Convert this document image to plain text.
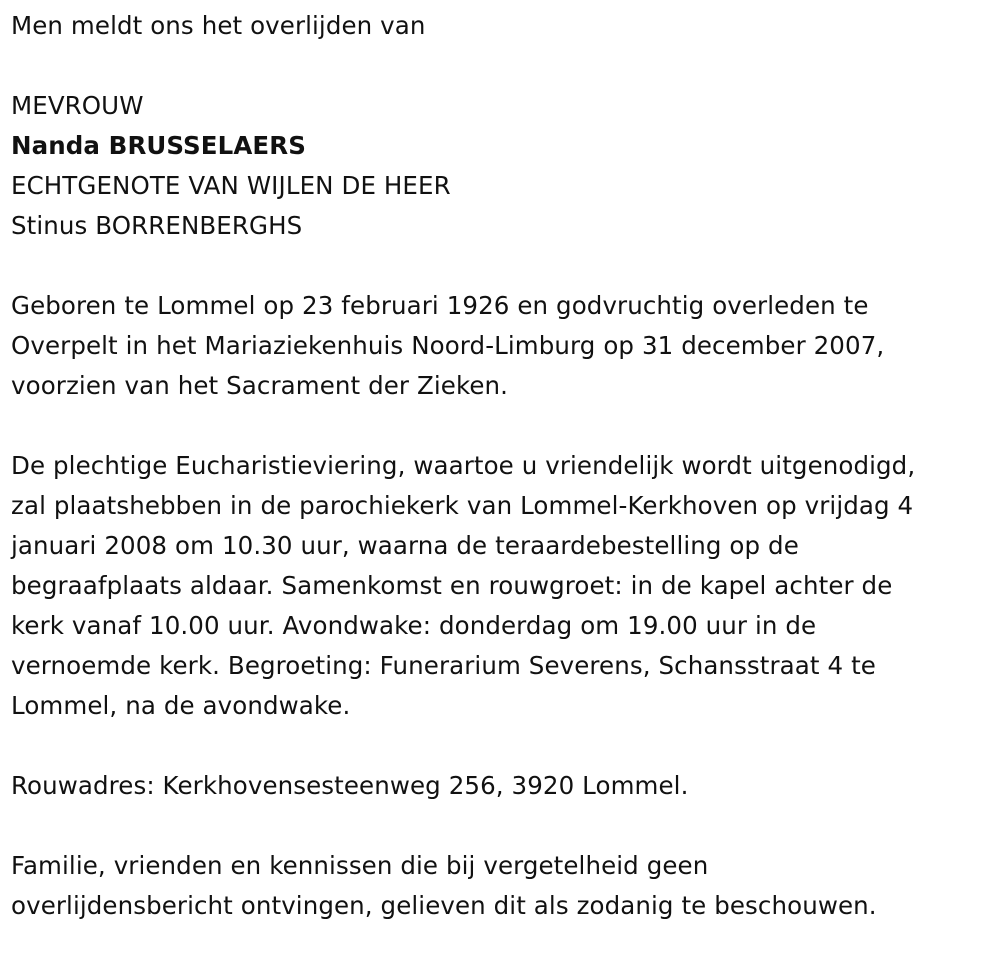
Men meldt ons het overlijden van

MEVROUW

Nanda BRUSSELAERS

ECHTGENOTE VAN WIJLEN DE HEER

Stinus BORRENBERGHS

Geboren te Lommel op 23 februari 1926 en godvruchtig overleden te

Overpelt in het Mariaziekenhuis Noord-Limburg op 31 december 2007,

voorzien van het Sacrament der Zieken.

De plechtige Eucharistieviering, waartoe u vriendelijk wordt uitgenodigd,

zal plaatshebben in de parochiekerk van Lommel-Kerkhoven op vrijdag 4

januari 2008 om 10.30 uur, waarna de teraardebestelling op de

begraafplaats aldaar. Samenkomst en rouwgroet: in de kapel achter de

kerk vanaf 10.00 uur. Avondwake: donderdag om 19.00 uur in de

vernoemde kerk. Begroeting: Funerarium Severens, Schansstraat 4 te

Lommel, na de avondwake.

Rouwadres: Kerkhovensesteenweg 256, 3920 Lommel.

Familie, vrienden en kennissen die bij vergetelheid geen

overlijdensbericht ontvingen, gelieven dit als zodanig te beschouwen.
